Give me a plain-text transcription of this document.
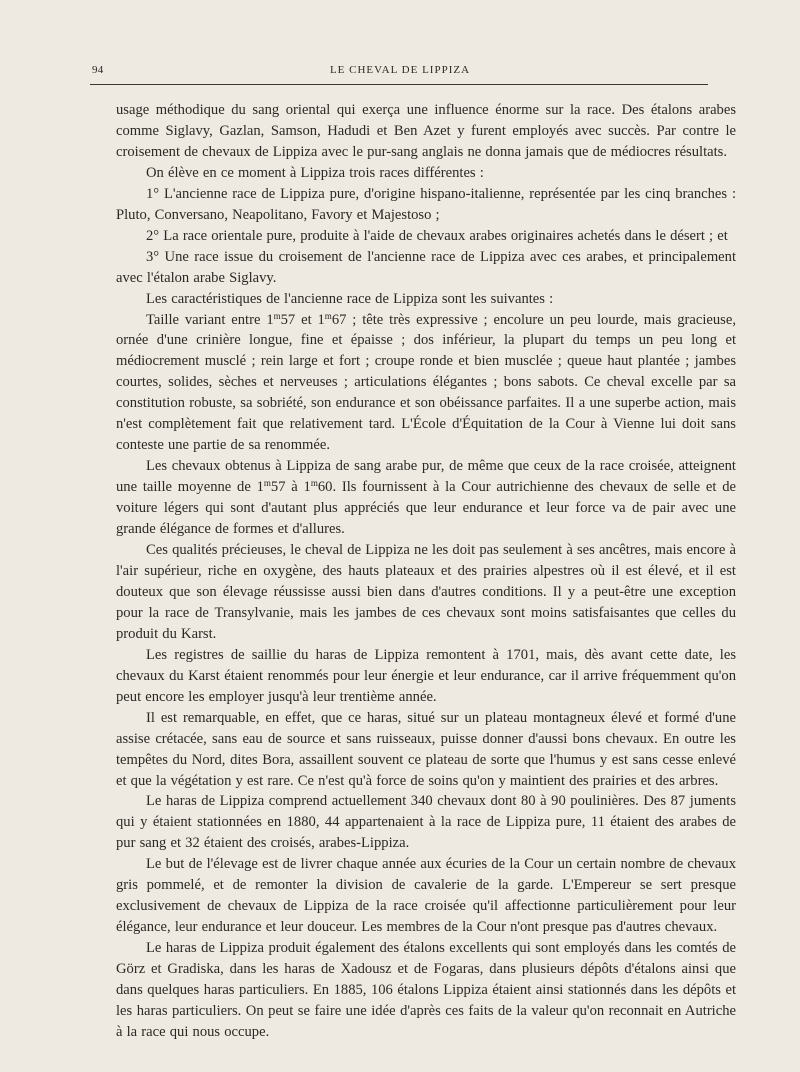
94	LE CHEVAL DE LIPPIZA

usage méthodique du sang oriental qui exerça une influence énorme sur la race. Des étalons arabes comme Siglavy, Gazlan, Samson, Hadudi et Ben Azet y furent employés avec succès. Par contre le croisement de chevaux de Lippiza avec le pur-sang anglais ne donna jamais que de médiocres résultats.

On élève en ce moment à Lippiza trois races différentes :

1° L'ancienne race de Lippiza pure, d'origine hispano-italienne, représentée par les cinq branches : Pluto, Conversano, Neapolitano, Favory et Majestoso ;

2° La race orientale pure, produite à l'aide de chevaux arabes originaires achetés dans le désert ; et

3° Une race issue du croisement de l'ancienne race de Lippiza avec ces arabes, et principalement avec l'étalon arabe Siglavy.

Les caractéristiques de l'ancienne race de Lippiza sont les suivantes :

Taille variant entre 1$^m$57 et 1$^m$67 ; tête très expressive ; encolure un peu lourde, mais gracieuse, ornée d'une crinière longue, fine et épaisse ; dos inférieur, la plupart du temps un peu long et médiocrement musclé ; rein large et fort ; croupe ronde et bien musclée ; queue haut plantée ; jambes courtes, solides, sèches et nerveuses ; articulations élégantes ; bons sabots. Ce cheval excelle par sa constitution robuste, sa sobriété, son endurance et son obéissance parfaites. Il a une superbe action, mais n'est complètement fait que relativement tard. L'École d'Équitation de la Cour à Vienne lui doit sans conteste une partie de sa renommée.

Les chevaux obtenus à Lippiza de sang arabe pur, de même que ceux de la race croisée, atteignent une taille moyenne de 1$^m$57 à 1$^m$60. Ils fournissent à la Cour autrichienne des chevaux de selle et de voiture légers qui sont d'autant plus appréciés que leur endurance et leur force va de pair avec une grande élégance de formes et d'allures.

Ces qualités précieuses, le cheval de Lippiza ne les doit pas seulement à ses ancêtres, mais encore à l'air supérieur, riche en oxygène, des hauts plateaux et des prairies alpestres où il est élevé, et il est douteux que son élevage réussisse aussi bien dans d'autres conditions. Il y a peut-être une exception pour la race de Transylvanie, mais les jambes de ces chevaux sont moins satisfaisantes que celles du produit du Karst.

Les registres de saillie du haras de Lippiza remontent à 1701, mais, dès avant cette date, les chevaux du Karst étaient renommés pour leur énergie et leur endurance, car il arrive fréquemment qu'on peut encore les employer jusqu'à leur trentième année.

Il est remarquable, en effet, que ce haras, situé sur un plateau montagneux élevé et formé d'une assise crétacée, sans eau de source et sans ruisseaux, puisse donner d'aussi bons chevaux. En outre les tempêtes du Nord, dites Bora, assaillent souvent ce plateau de sorte que l'humus y est sans cesse enlevé et que la végétation y est rare. Ce n'est qu'à force de soins qu'on y maintient des prairies et des arbres.

Le haras de Lippiza comprend actuellement 340 chevaux dont 80 à 90 poulinières. Des 87 juments qui y étaient stationnées en 1880, 44 appartenaient à la race de Lippiza pure, 11 étaient des arabes de pur sang et 32 étaient des croisés, arabes-Lippiza.

Le but de l'élevage est de livrer chaque année aux écuries de la Cour un certain nombre de chevaux gris pommelé, et de remonter la division de cavalerie de la garde. L'Empereur se sert presque exclusivement de chevaux de Lippiza de la race croisée qu'il affectionne particulièrement pour leur élégance, leur endurance et leur douceur. Les membres de la Cour n'ont presque pas d'autres chevaux.

Le haras de Lippiza produit également des étalons excellents qui sont employés dans les comtés de Görz et Gradiska, dans les haras de Xadousz et de Fogaras, dans plusieurs dépôts d'étalons ainsi que dans quelques haras particuliers. En 1885, 106 étalons Lippiza étaient ainsi stationnés dans les dépôts et les haras particuliers. On peut se faire une idée d'après ces faits de la valeur qu'on reconnait en Autriche à la race qui nous occupe.
